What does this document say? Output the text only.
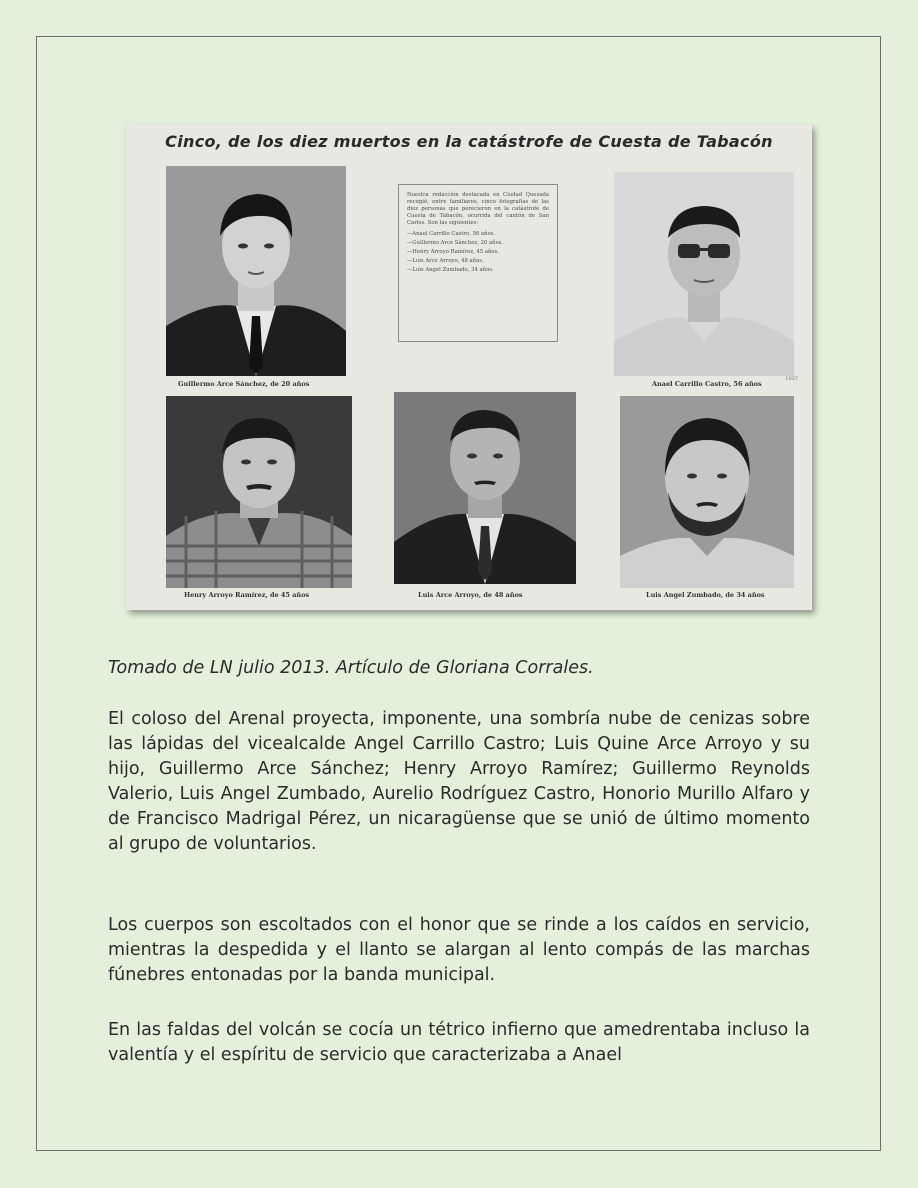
Cinco, de los diez muertos en la catástrofe de Cuesta de Tabacón
Guillermo Arce Sánchez, de 20 años
Nuestra redacción destacada en Ciudad Quesada recogió, entre familiares, cinco fotografías de las diez personas que perecieron en la catástrofe de Cuesta de Tabacón, ocurrida del cantón de San Carlos. Son las siguientes:
—Anael Carrillo Castro, 56 años.
—Guillermo Arce Sánchez, 20 años.
—Henry Arroyo Ramírez, 45 años.
—Luis Arce Arroyo, 48 años.
—Luis Angel Zumbado, 34 años.
Anael Carrillo Castro, 56 años
1037
Henry Arroyo Ramírez, de 45 años	Luis Arce Arroyo, de 48 años	Luis Angel Zumbado, de 34 años
Tomado de LN julio 2013. Artículo de Gloriana Corrales.

El coloso del Arenal proyecta, imponente, una sombría nube de cenizas sobre las lápidas del vicealcalde Angel Carrillo Castro; Luis Quine Arce Arroyo y su hijo, Guillermo Arce Sánchez; Henry Arroyo Ramírez; Guillermo Reynolds Valerio, Luis Angel Zumbado, Aurelio Rodríguez Castro, Honorio Murillo Alfaro y de Francisco Madrigal Pérez, un nicaragüense que se unió de último momento al grupo de voluntarios.

Los cuerpos son escoltados con el honor que se rinde a los caídos en servicio, mientras la despedida y el llanto se alargan al lento compás de las marchas fúnebres entonadas por la banda municipal.

En las faldas del volcán se cocía un tétrico infierno que amedrentaba incluso la valentía y el espíritu de servicio que caracterizaba a Anael
